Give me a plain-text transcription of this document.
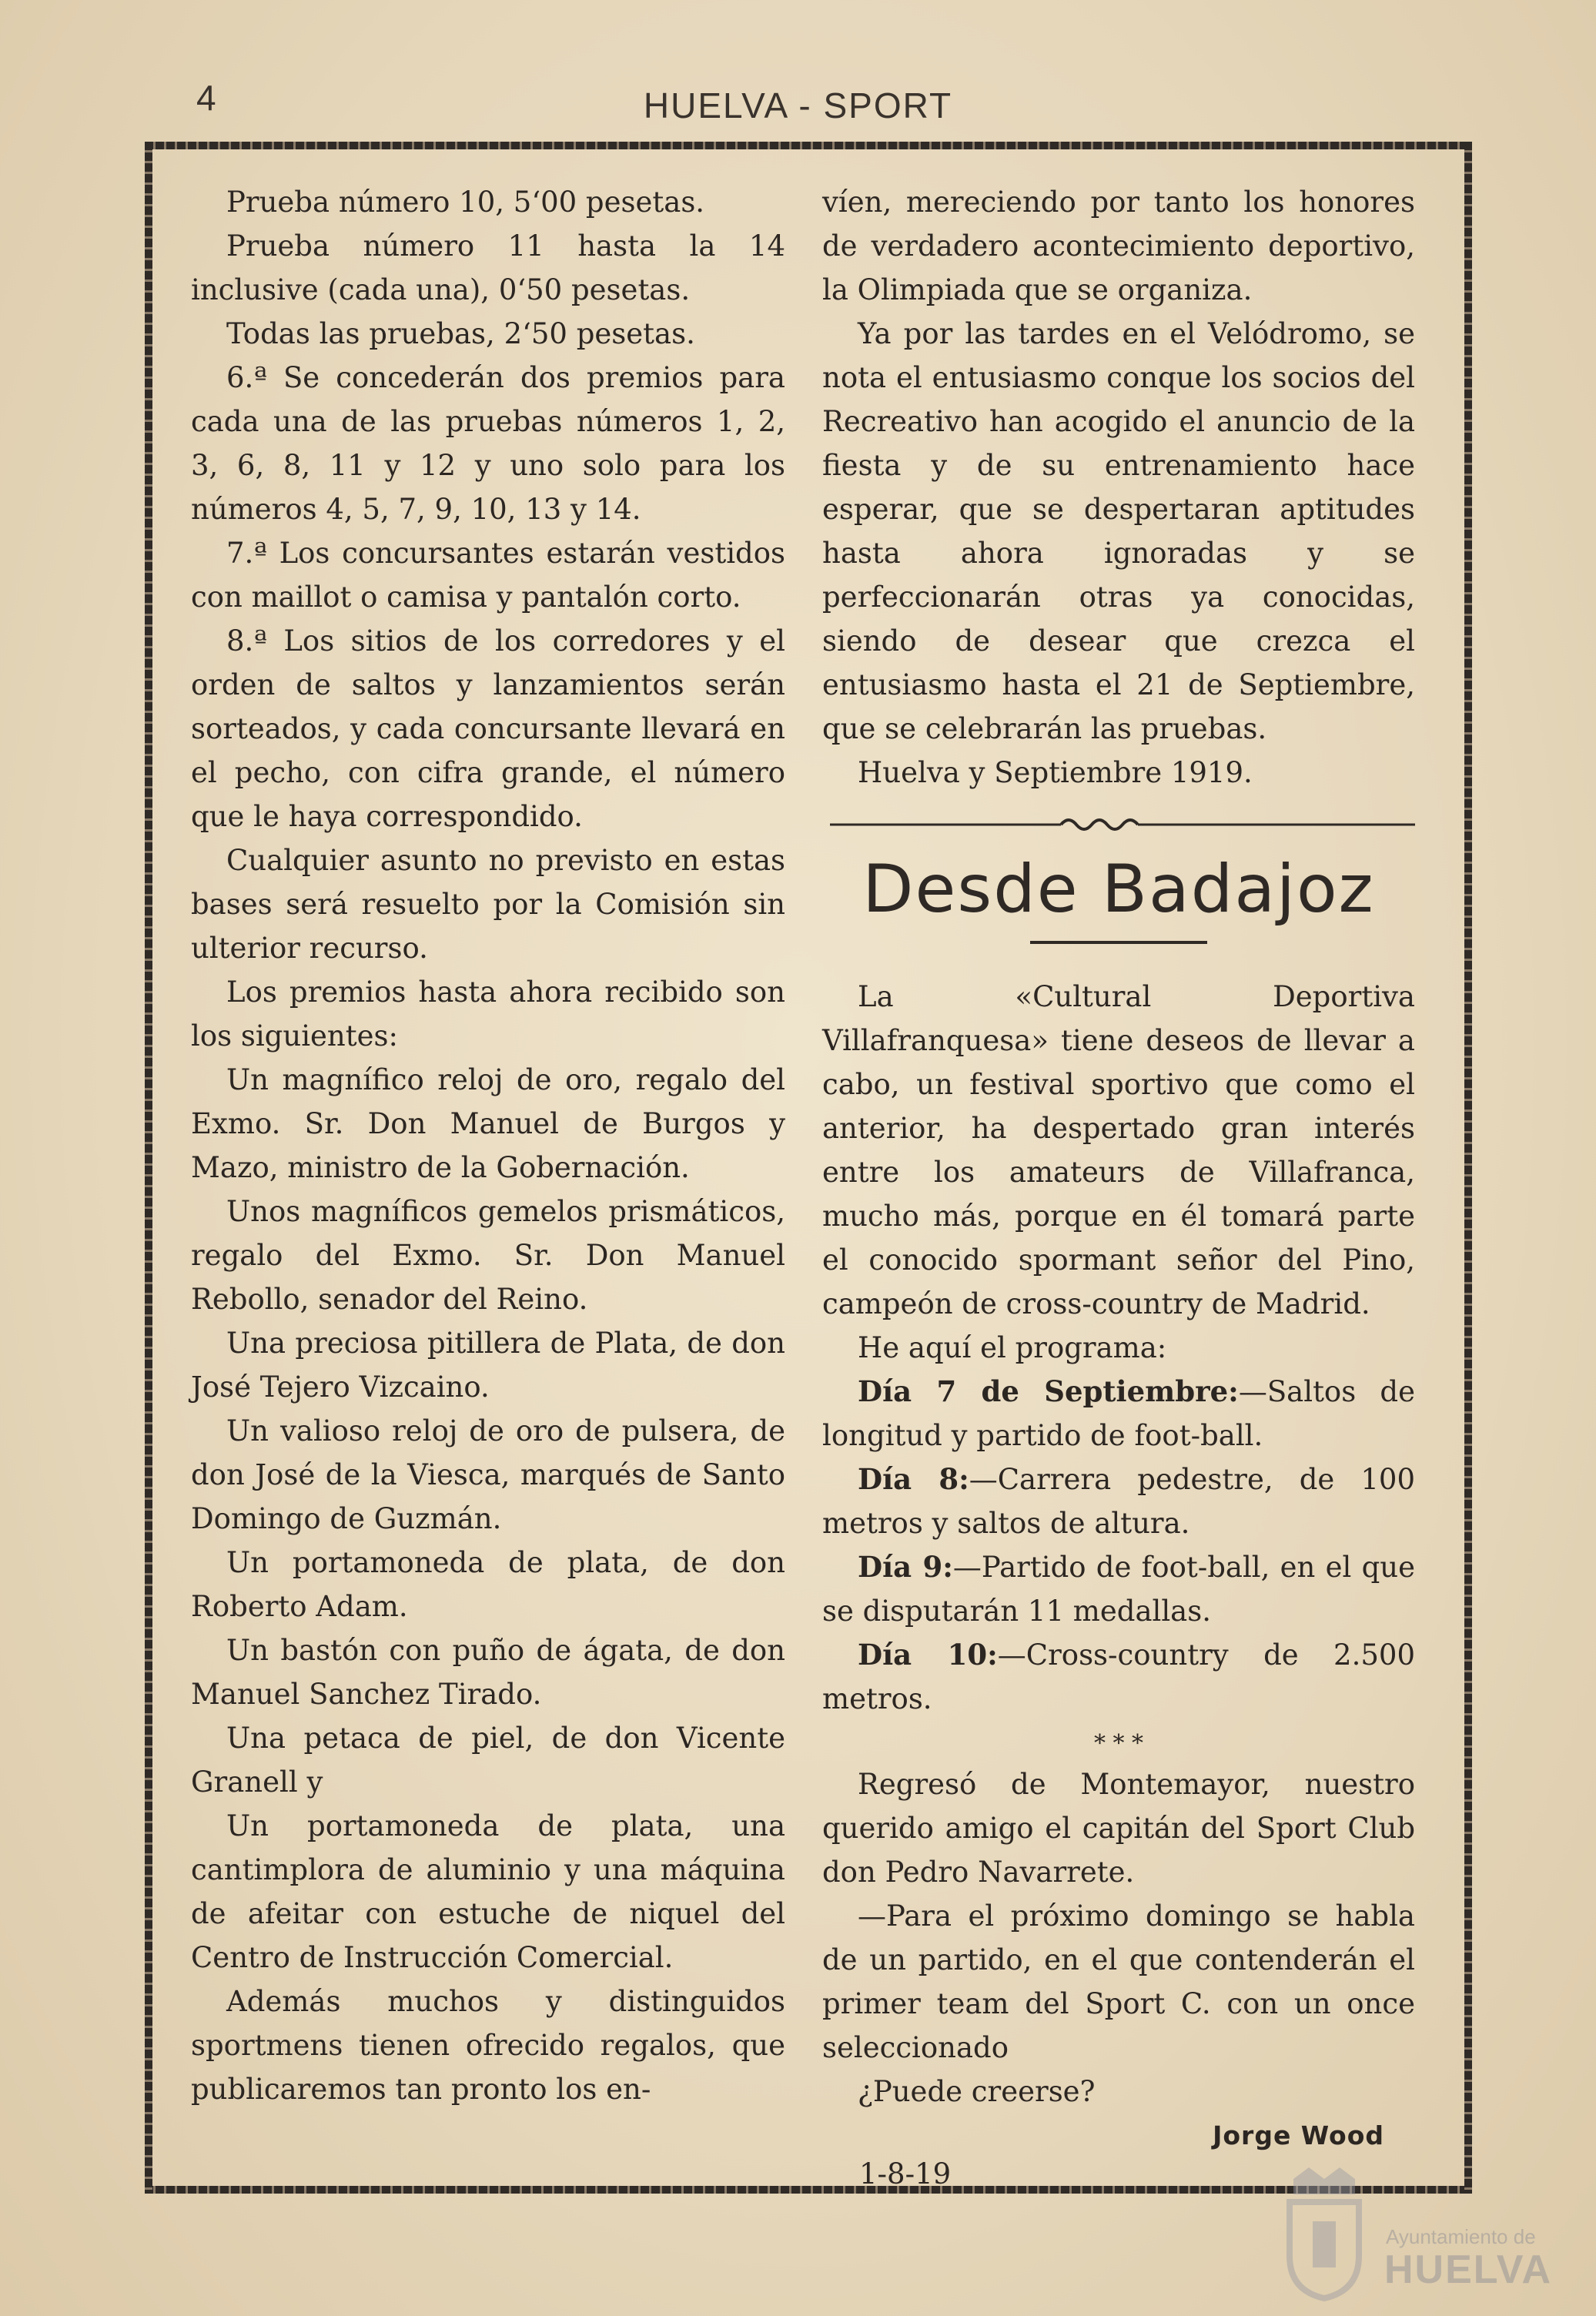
4	HUELVA - SPORT

Prueba número 10, 5‘00 pesetas.

Prueba número 11 hasta la 14 inclusive (cada una), 0‘50 pesetas.

Todas las pruebas, 2‘50 pesetas.

6.ª Se concederán dos premios para cada una de las pruebas números 1, 2, 3, 6, 8, 11 y 12 y uno solo para los números 4, 5, 7, 9, 10, 13 y 14.

7.ª Los concursantes estarán vestidos con maillot o camisa y pantalón corto.

8.ª Los sitios de los corredores y el orden de saltos y lanzamientos serán sorteados, y cada concursante llevará en el pecho, con cifra grande, el número que le haya correspondido.

Cualquier asunto no previsto en estas bases será resuelto por la Comisión sin ulterior recurso.

Los premios hasta ahora recibido son los siguientes:

Un magnífico reloj de oro, regalo del Exmo. Sr. Don Manuel de Burgos y Mazo, ministro de la Gobernación.

Unos magníficos gemelos prismáticos, regalo del Exmo. Sr. Don Manuel Rebollo, senador del Reino.

Una preciosa pitillera de Plata, de don José Tejero Vizcaino.

Un valioso reloj de oro de pulsera, de don José de la Viesca, marqués de Santo Domingo de Guzmán.

Un portamoneda de plata, de don Roberto Adam.

Un bastón con puño de ágata, de don Manuel Sanchez Tirado.

Una petaca de piel, de don Vicente Granell y

Un portamoneda de plata, una cantimplora de aluminio y una máquina de afeitar con estuche de niquel del Centro de Instrucción Comercial.

Además muchos y distinguidos sportmens tienen ofrecido regalos, que publicaremos tan pronto los en-

víen, mereciendo por tanto los honores de verdadero acontecimiento deportivo, la Olimpiada que se organiza.

Ya por las tardes en el Velódromo, se nota el entusiasmo conque los socios del Recreativo han acogido el anuncio de la fiesta y de su entrenamiento hace esperar, que se despertaran aptitudes hasta ahora ignoradas y se perfeccionarán otras ya conocidas, siendo de desear que crezca el entusiasmo hasta el 21 de Septiembre, que se celebrarán las pruebas.

Huelva y Septiembre 1919.

Desde Badajoz

La «Cultural Deportiva Villafranquesa» tiene deseos de llevar a cabo, un festival sportivo que como el anterior, ha despertado gran interés entre los amateurs de Villafranca, mucho más, porque en él tomará parte el conocido spormant señor del Pino, campeón de cross-country de Madrid.

He aquí el programa:

Día 7 de Septiembre:—Saltos de longitud y partido de foot-ball.

Día 8:—Carrera pedestre, de 100 metros y saltos de altura.

Día 9:—Partido de foot-ball, en el que se disputarán 11 medallas.

Día 10:—Cross-country de 2.500 metros.

* * *

Regresó de Montemayor, nuestro querido amigo el capitán del Sport Club don Pedro Navarrete.

—Para el próximo domingo se habla de un partido, en el que contenderán el primer team del Sport C. con un once seleccionado

¿Puede creerse?

Jorge Wood
1-8-19
Ayuntamiento de
HUELVA
